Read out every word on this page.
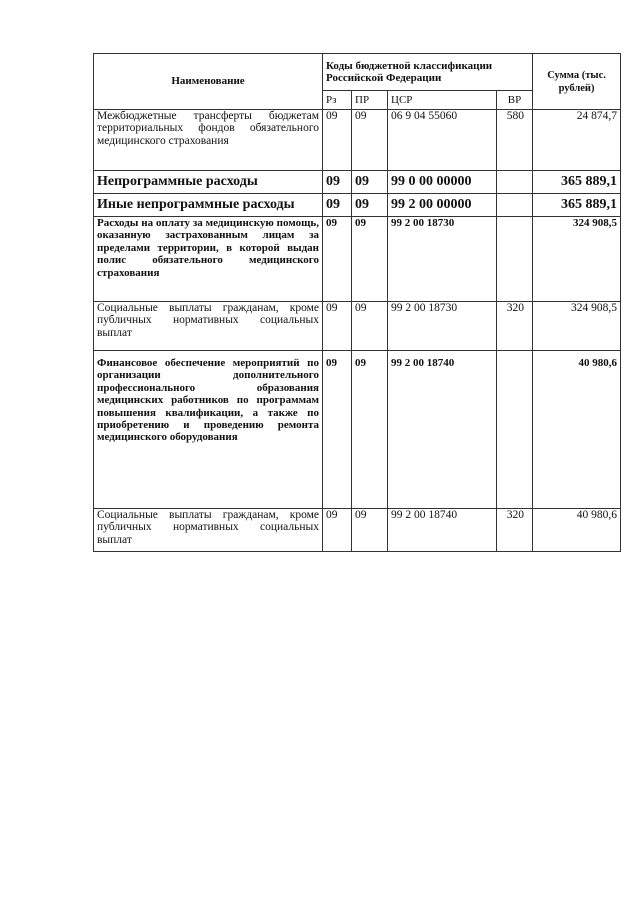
Наименование	Коды бюджетной классификации Российской Федерации				Сумма (тыс. рублей)
	Рз	ПР	ЦСР	ВР	
Межбюджетные трансферты бюджетам территориальных фондов обязательного медицинского страхования	09	09	06 9 04 55060	580	24 874,7
Непрограммные расходы	09	09	99 0 00 00000		365 889,1
Иные непрограммные расходы	09	09	99 2 00 00000		365 889,1
Расходы на оплату за медицинскую помощь, оказанную застрахованным лицам за пределами территории, в которой выдан полис обязательного медицинского страхования	09	09	99 2 00 18730		324 908,5
Социальные выплаты гражданам, кроме публичных нормативных социальных выплат	09	09	99 2 00 18730	320	324 908,5
Финансовое обеспечение мероприятий по организации дополнительного профессионального образования медицинских работников по программам повышения квалификации, а также по приобретению и проведению ремонта медицинского оборудования	09	09	99 2 00 18740		40 980,6
Социальные выплаты гражданам, кроме публичных нормативных социальных выплат	09	09	99 2 00 18740	320	40 980,6
